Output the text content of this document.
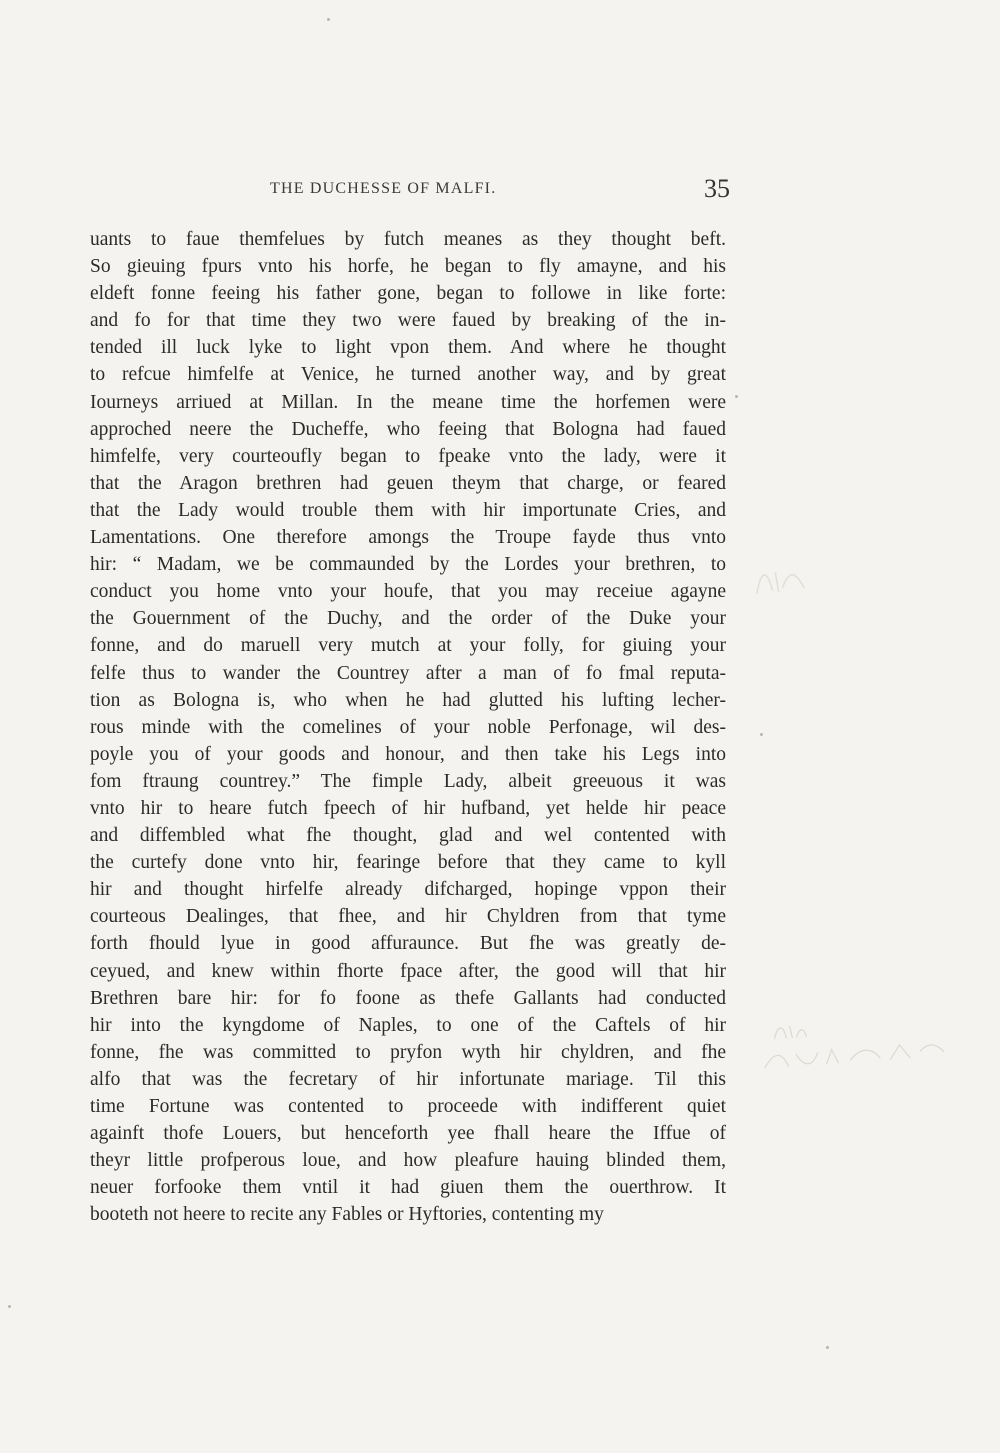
THE DUCHESSE OF MALFI.	35
uants to faue themfelues by futch meanes as they thought beft.
So gieuing fpurs vnto his horfe, he began to fly amayne, and his
eldeft fonne feeing his father gone, began to followe in like forte:
and fo for that time they two were faued by breaking of the in-
tended ill luck lyke to light vpon them. And where he thought
to refcue himfelfe at Venice, he turned another way, and by great
Iourneys arriued at Millan. In the meane time the horfemen were
approched neere the Ducheffe, who feeing that Bologna had faued
himfelfe, very courteoufly began to fpeake vnto the lady, were it
that the Aragon brethren had geuen theym that charge, or feared
that the Lady would trouble them with hir importunate Cries, and
Lamentations. One therefore amongs the Troupe fayde thus vnto
hir: “ Madam, we be commaunded by the Lordes your brethren, to
conduct you home vnto your houfe, that you may receiue agayne
the Gouernment of the Duchy, and the order of the Duke your
fonne, and do maruell very mutch at your folly, for giuing your
felfe thus to wander the Countrey after a man of fo fmal reputa-
tion as Bologna is, who when he had glutted his lufting lecher-
rous minde with the comelines of your noble Perfonage, wil des-
poyle you of your goods and honour, and then take his Legs into
fom ftraung countrey.” The fimple Lady, albeit greeuous it was
vnto hir to heare futch fpeech of hir hufband, yet helde hir peace
and diffembled what fhe thought, glad and wel contented with
the curtefy done vnto hir, fearinge before that they came to kyll
hir and thought hirfelfe already difcharged, hopinge vppon their
courteous Dealinges, that fhee, and hir Chyldren from that tyme
forth fhould lyue in good affuraunce. But fhe was greatly de-
ceyued, and knew within fhorte fpace after, the good will that hir
Brethren bare hir: for fo foone as thefe Gallants had conducted
hir into the kyngdome of Naples, to one of the Caftels of hir
fonne, fhe was committed to pryfon wyth hir chyldren, and fhe
alfo that was the fecretary of hir infortunate mariage. Til this
time Fortune was contented to proceede with indifferent quiet
againft thofe Louers, but henceforth yee fhall heare the Iffue of
theyr little profperous loue, and how pleafure hauing blinded them,
neuer forfooke them vntil it had giuen them the ouerthrow. It
booteth not heere to recite any Fables or Hyftories, contenting my
